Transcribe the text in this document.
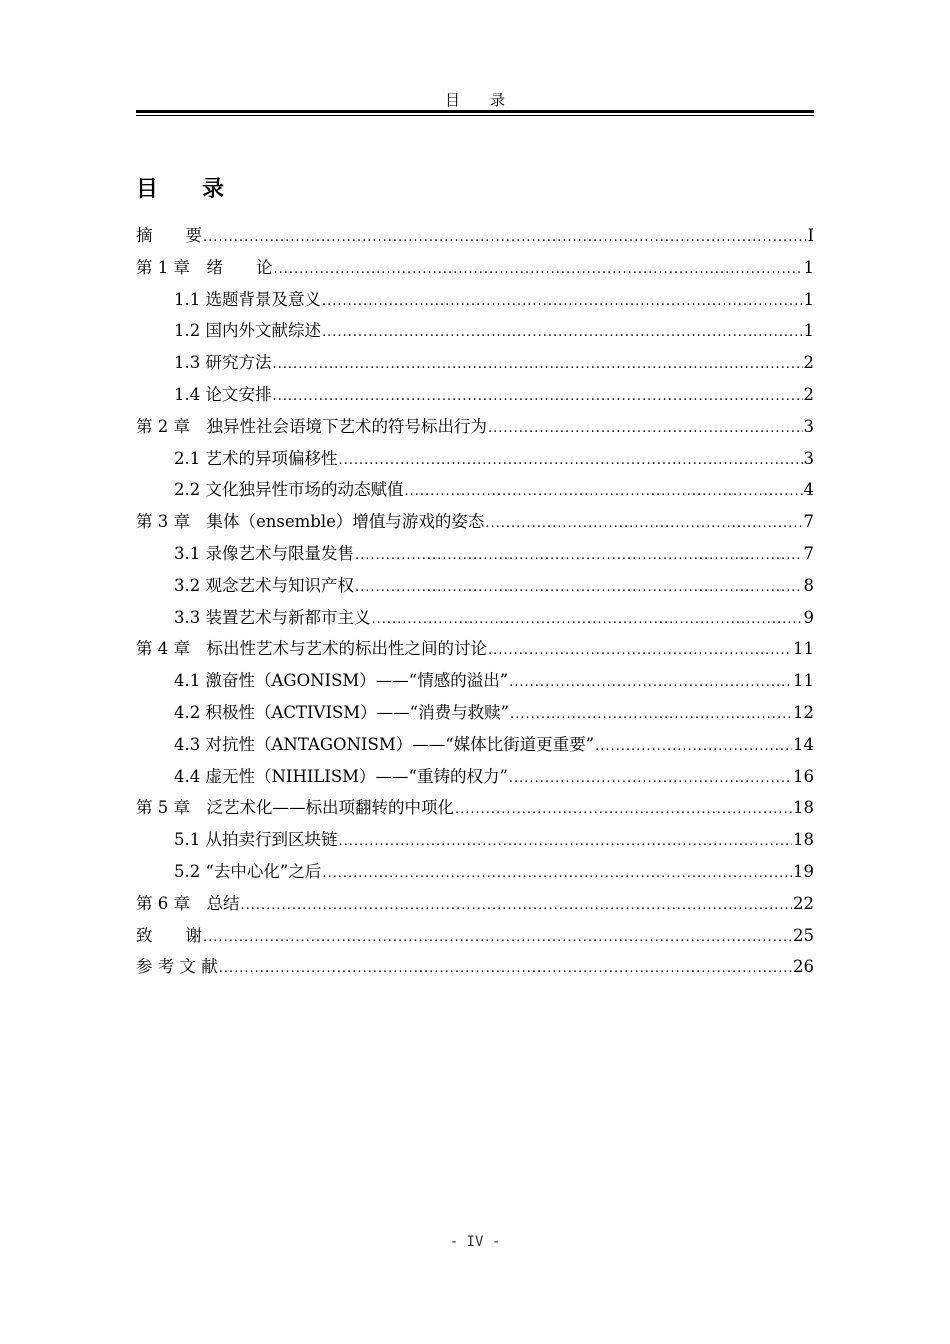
目　　录
目　　录
摘　　要 .....	I
第 1 章　绪　　论 .....	1
1.1 选题背景及意义 .....	1
1.2 国内外文献综述 .....	1
1.3 研究方法 .....	2
1.4 论文安排 .....	2
第 2 章　独异性社会语境下艺术的符号标出行为 .....	3
2.1 艺术的异项偏移性 .....	3
2.2 文化独异性市场的动态赋值 .....	4
第 3 章　集体（ensemble）增值与游戏的姿态 .....	7
3.1 录像艺术与限量发售 .....	7
3.2 观念艺术与知识产权 .....	8
3.3 装置艺术与新都市主义 .....	9
第 4 章　标出性艺术与艺术的标出性之间的讨论 .....	11
4.1 激奋性（AGONISM）——“情感的溢出” .....	11
4.2 积极性（ACTIVISM）——“消费与救赎” .....	12
4.3 对抗性（ANTAGONISM）——“媒体比街道更重要” .....	14
4.4 虚无性（NIHILISM）——“重铸的权力” .....	16
第 5 章　泛艺术化——标出项翻转的中项化 .....	18
5.1 从拍卖行到区块链 .....	18
5.2 “去中心化”之后 .....	19
第 6 章　总结 .....	22
致　　谢 .....	25
参 考 文 献 .....	26
- IV -
